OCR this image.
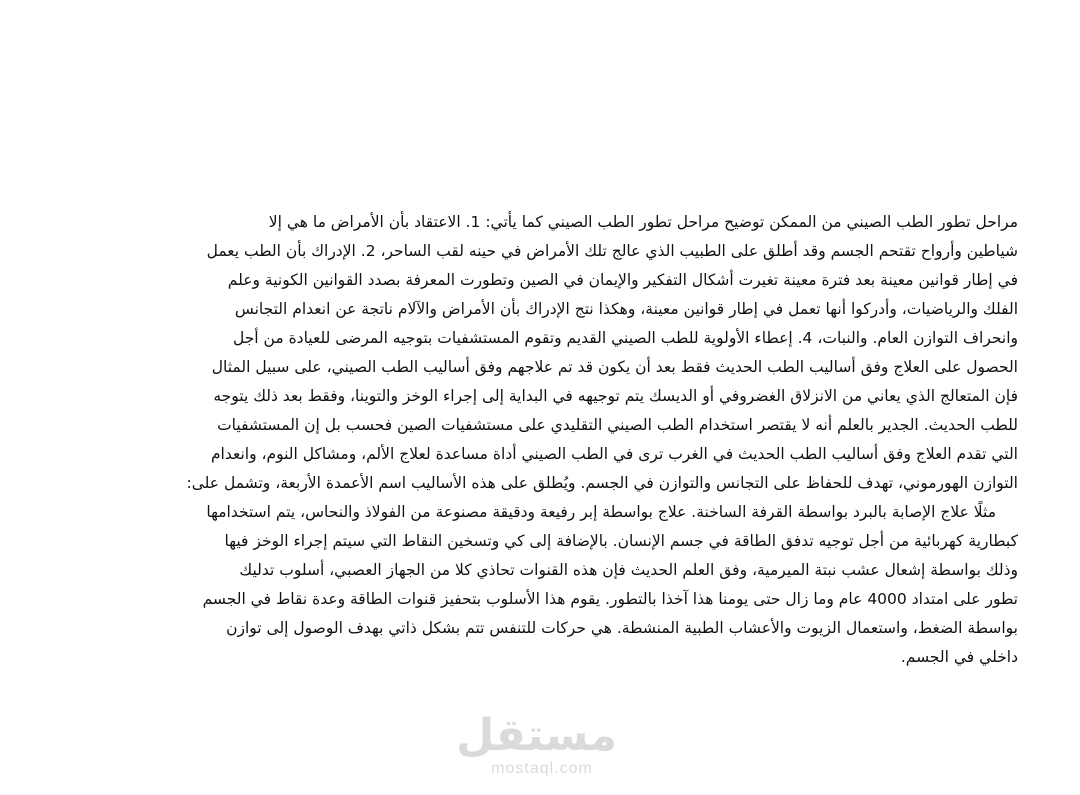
مراحل تطور الطب الصيني من الممكن توضيح مراحل تطور الطب الصيني كما يأتي: 1. الاعتقاد بأن الأمراض ما هي إلا
شياطين وأرواح تقتحم الجسم وقد أطلق على الطبيب الذي عالج تلك الأمراض في حينه لقب الساحر، 2. الإدراك بأن الطب يعمل
في إطار قوانين معينة بعد فترة معينة تغيرت أشكال التفكير والإيمان في الصين وتطورت المعرفة بصدد القوانين الكونية وعلم
الفلك والرياضيات، وأدركوا أنها تعمل في إطار قوانين معينة، وهكذا نتج الإدراك بأن الأمراض والآلام ناتجة عن انعدام التجانس
وانحراف التوازن العام. والنبات، 4. إعطاء الأولوية للطب الصيني القديم وتقوم المستشفيات بتوجيه المرضى للعيادة من أجل
الحصول على العلاج وفق أساليب الطب الحديث فقط بعد أن يكون قد تم علاجهم وفق أساليب الطب الصيني، على سبيل المثال
فإن المتعالج الذي يعاني من الانزلاق الغضروفي أو الديسك يتم توجيهه في البداية إلى إجراء الوخز والتوينا، وفقط بعد ذلك يتوجه
للطب الحديث. الجدير بالعلم أنه لا يقتصر استخدام الطب الصيني التقليدي على مستشفيات الصين فحسب بل إن المستشفيات
التي تقدم العلاج وفق أساليب الطب الحديث في الغرب ترى في الطب الصيني أداة مساعدة لعلاج الألم، ومشاكل النوم، وانعدام
التوازن الهورموني، تهدف للحفاظ على التجانس والتوازن في الجسم. ويُطلق على هذه الأساليب اسم الأعمدة الأربعة، وتشمل على:
مثلًا علاج الإصابة بالبرد بواسطة القرفة الساخنة. علاج بواسطة إبر رفيعة ودقيقة مصنوعة من الفولاذ والنحاس، يتم استخدامها
كبطارية كهربائية من أجل توجيه تدفق الطاقة في جسم الإنسان. بالإضافة إلى كي وتسخين النقاط التي سيتم إجراء الوخز فيها
وذلك بواسطة إشعال عشب نبتة الميرمية، وفق العلم الحديث فإن هذه القنوات تحاذي كلا من الجهاز العصبي، أسلوب تدليك
تطور على امتداد 4000 عام وما زال حتى يومنا هذا آخذا بالتطور. يقوم هذا الأسلوب بتحفيز قنوات الطاقة وعدة نقاط في الجسم
بواسطة الضغط، واستعمال الزيوت والأعشاب الطبية المنشطة. هي حركات للتنفس تتم بشكل ذاتي بهدف الوصول إلى توازن
داخلي في الجسم.
مستقل
mostaql.com
